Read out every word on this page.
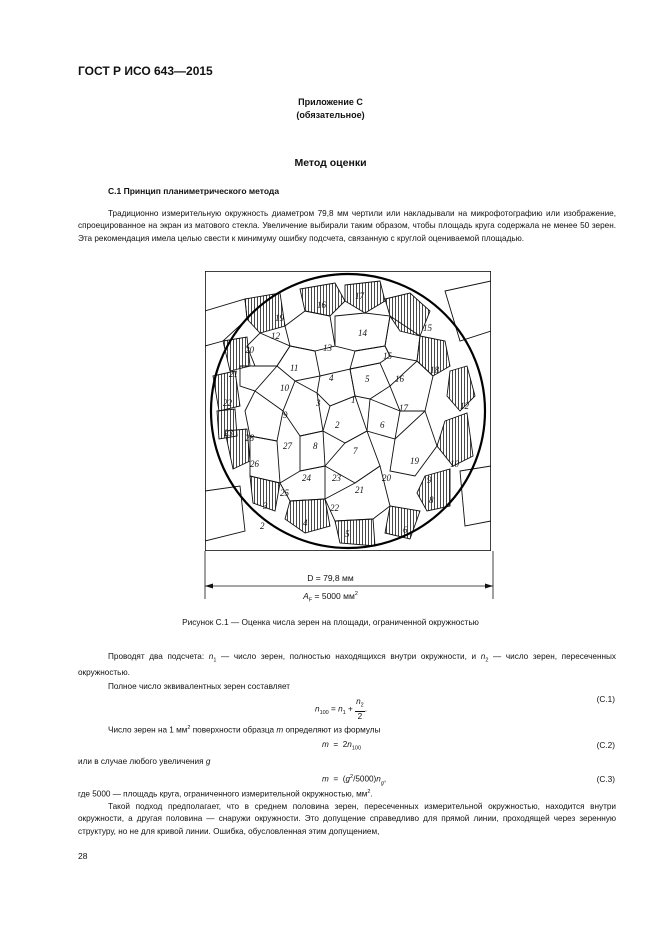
ГОСТ Р ИСО 643—2015
Приложение С
(обязательное)
Метод оценки
С.1 Принцип планиметрического метода

Традиционно измерительную окружность диаметром 79,8 мм чертили или накладывали на микрофотографию или изображение, спроецированное на экран из матового стекла. Увеличение выбирали таким образом, чтобы площадь круга содержала не менее 50 зерен. Эта рекомендация имела целью свести к минимуму ошибку подсчета, связанную с круглой оцениваемой площадью.

16
17
19
12	14	15
13
15
20
11
4	5	16
18
21
10
1
3	17	12
22
9
2	6
23 28
27 8	7
19	10
26
24 23	20	9
25	21
8
3	22
2	4
5	6
D = 79,8 мм
$A_F = 5000$ $мм^2$
Рисунок С.1 — Оценка числа зерен на площади, ограниченной окружностью

Проводят два подсчета: $n_1$ — число зерен, полностью находящихся внутри окружности, и $n_2$ — число зерен, пересеченных окружностью.

Полное число эквивалентных зерен составляет

$n_{100} = n_1 + \frac{n_2}{2}$ .
(С.1)

Число зерен на 1 $мм^2$ поверхности образца m определяют из формулы

$m = 2n_{100}$	(С.2)
или в случае любого увеличения g
$m = (g^2/5000)n_g$,	(С.3)
где 5000 — площадь круга, ограниченного измерительной окружностью, $мм^2$.

Такой подход предполагает, что в среднем половина зерен, пересеченных измерительной окружностью, находится внутри окружности, а другая половина — снаружи окружности. Это допущение справедливо для прямой линии, проходящей через зеренную структуру, но не для кривой линии. Ошибка, обусловленная этим допущением,

28
